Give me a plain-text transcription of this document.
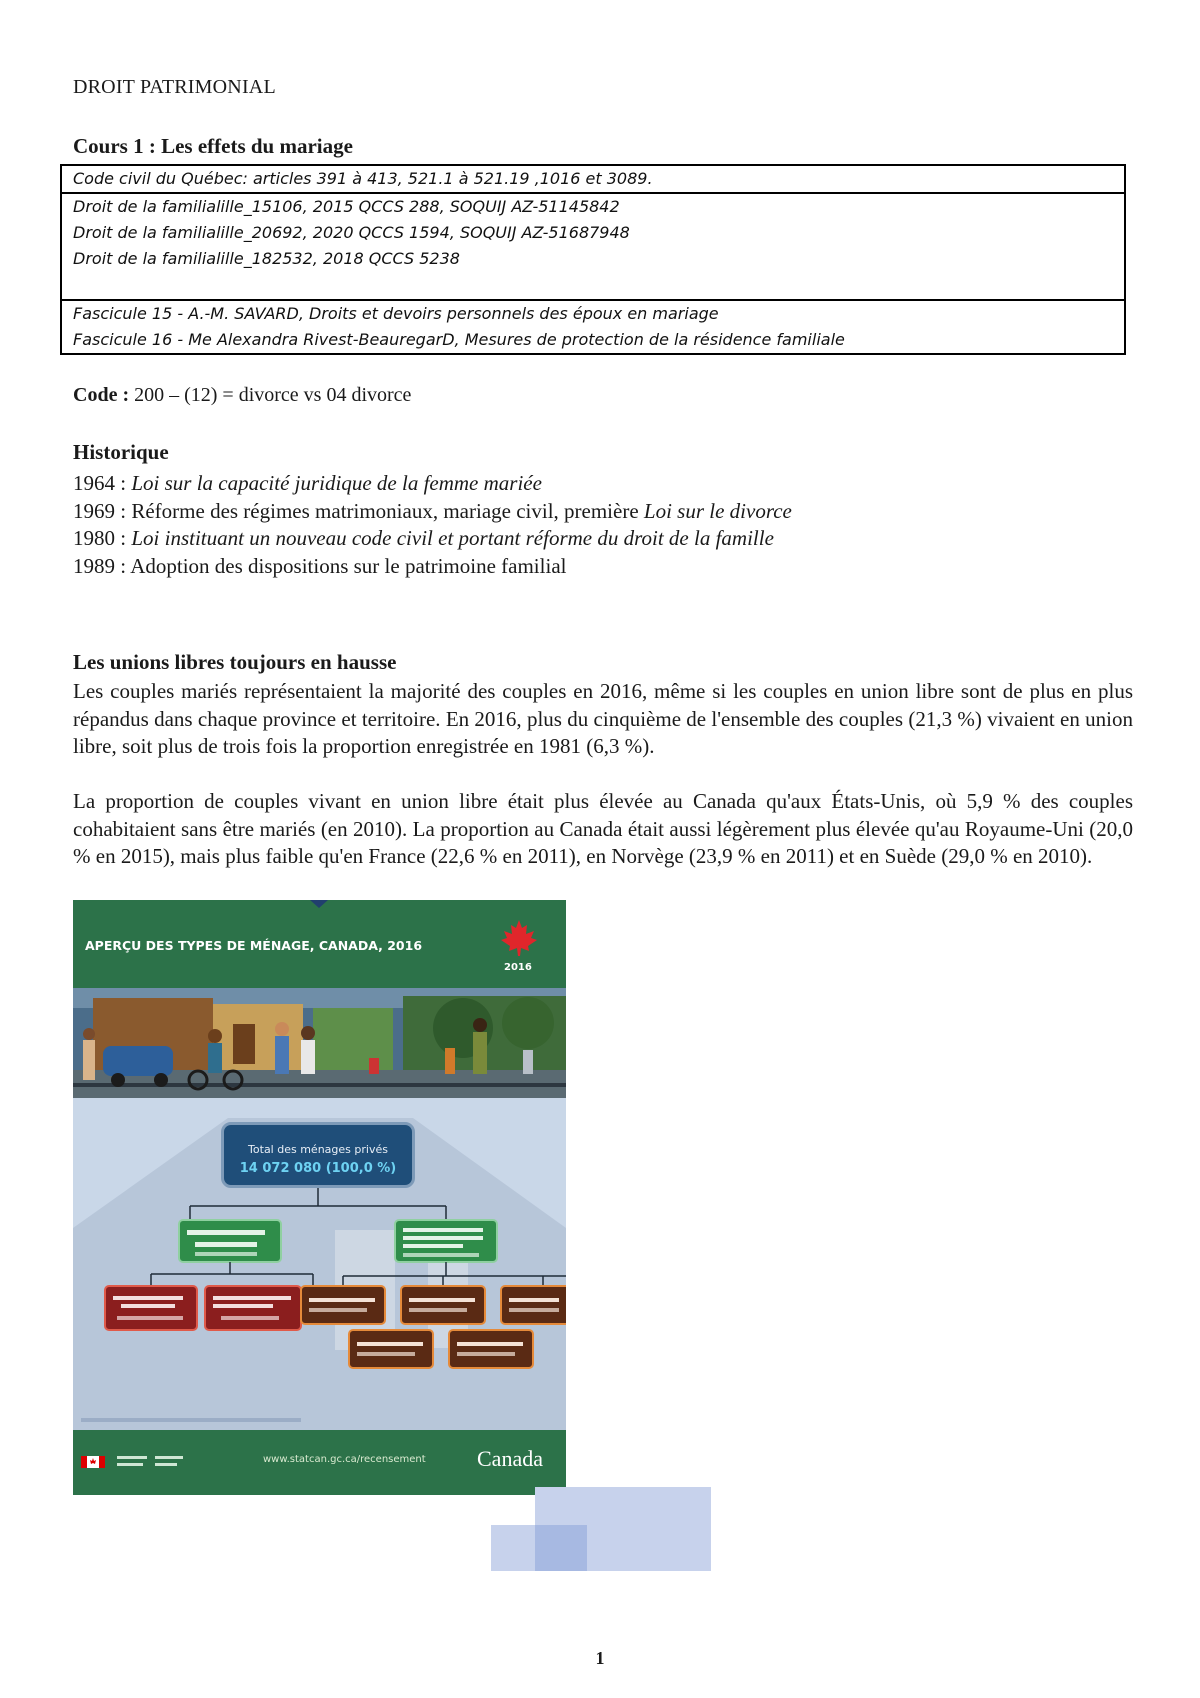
DROIT PATRIMONIAL
Cours 1 : Les effets du mariage
Code civil du Québec: articles 391 à 413, 521.1 à 521.19 ,1016 et 3089.
Droit de la familialille_15106, 2015 QCCS 288, SOQUIJ AZ-51145842
Droit de la familialille_20692, 2020 QCCS 1594, SOQUIJ AZ-51687948
Droit de la familialille_182532, 2018 QCCS 5238
Fascicule 15 - A.-M. SAVARD, Droits et devoirs personnels des époux en mariage
Fascicule 16 - Me Alexandra Rivest-BeauregarD, Mesures de protection de la résidence familiale
Code : 200 – (12) = divorce vs 04 divorce
Historique
1964 : Loi sur la capacité juridique de la femme mariée
1969 : Réforme des régimes matrimoniaux, mariage civil, première Loi sur le divorce
1980 : Loi instituant un nouveau code civil et portant réforme du droit de la famille
1989 : Adoption des dispositions sur le patrimoine familial
Les unions libres toujours en hausse
Les couples mariés représentaient la majorité des couples en 2016, même si les couples en union libre sont de plus en plus répandus dans chaque province et territoire. En 2016, plus du cinquième de l'ensemble des couples (21,3 %) vivaient en union libre, soit plus de trois fois la proportion enregistrée en 1981 (6,3 %).
La proportion de couples vivant en union libre était plus élevée au Canada qu'aux États-Unis, où 5,9 % des couples cohabitaient sans être mariés (en 2010). La proportion au Canada était aussi légèrement plus élevée qu'au Royaume-Uni (20,0 % en 2015), mais plus faible qu'en France (22,6 % en 2011), en Norvège (23,9 % en 2011) et en Suède (29,0 % en 2010).
APERÇU DES TYPES DE MÉNAGE, CANADA, 2016
2016
Total des ménages privés
14 072 080 (100,0 %)
www.statcan.gc.ca/recensement Canada
1
